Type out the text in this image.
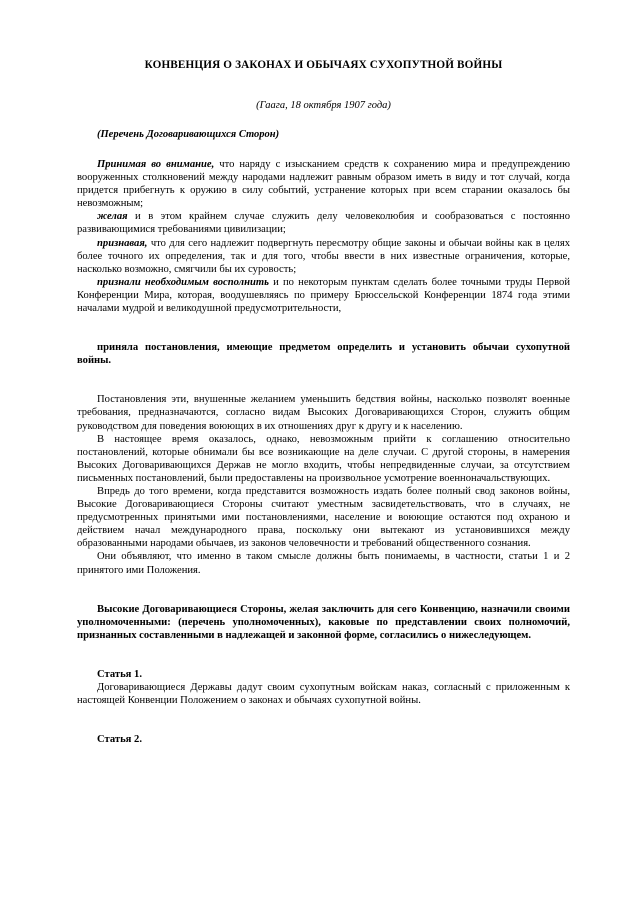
КОНВЕНЦИЯ О ЗАКОНАХ И ОБЫЧАЯХ СУХОПУТНОЙ ВОЙНЫ
(Гаага, 18 октября 1907 года)
(Перечень Договаривающихся Сторон)

Принимая во внимание, что наряду с изысканием средств к сохранению мира и предупреждению вооруженных столкновений между народами надлежит равным образом иметь в виду и тот случай, когда придется прибегнуть к оружию в силу событий, устранение которых при всем старании оказалось бы невозможным;

желая и в этом крайнем случае служить делу человеколюбия и сообразоваться с постоянно развивающимися требованиями цивилизации;

признавая, что для сего надлежит подвергнуть пересмотру общие законы и обычаи войны как в целях более точного их определения, так и для того, чтобы ввести в них известные ограничения, которые, насколько возможно, смягчили бы их суровость;

признали необходимым восполнить и по некоторым пунктам сделать более точными труды Первой Конференции Мира, которая, воодушевляясь по примеру Брюссельской Конференции 1874 года этими началами мудрой и великодушной предусмотрительности,

приняла постановления, имеющие предметом определить и установить обычаи сухопутной войны.

Постановления эти, внушенные желанием уменьшить бедствия войны, насколько позволят военные требования, предназначаются, согласно видам Высоких Договаривающихся Сторон, служить общим руководством для поведения воюющих в их отношениях друг к другу и к населению.

В настоящее время оказалось, однако, невозможным прийти к соглашению относительно постановлений, которые обнимали бы все возникающие на деле случаи. С другой стороны, в намерения Высоких Договаривающихся Держав не могло входить, чтобы непредвиденные случаи, за отсутствием письменных постановлений, были предоставлены на произвольное усмотрение военноначальствующих.

Впредь до того времени, когда представится возможность издать более полный свод законов войны, Высокие Договаривающиеся Стороны считают уместным засвидетельствовать, что в случаях, не предусмотренных принятыми ими постановлениями, население и воюющие остаются под охраною и действием начал международного права, поскольку они вытекают из установившихся между образованными народами обычаев, из законов человечности и требований общественного сознания.

Они объявляют, что именно в таком смысле должны быть понимаемы, в частности, статьи 1 и 2 принятого ими Положения.

Высокие Договаривающиеся Стороны, желая заключить для сего Конвенцию, назначили своими уполномоченными: (перечень уполномоченных), каковые по представлении своих полномочий, признанных составленными в надлежащей и законной форме, согласились о нижеследующем.

Статья 1.

Договаривающиеся Державы дадут своим сухопутным войскам наказ, согласный с приложенным к настоящей Конвенции Положением о законах и обычаях сухопутной войны.

Статья 2.
